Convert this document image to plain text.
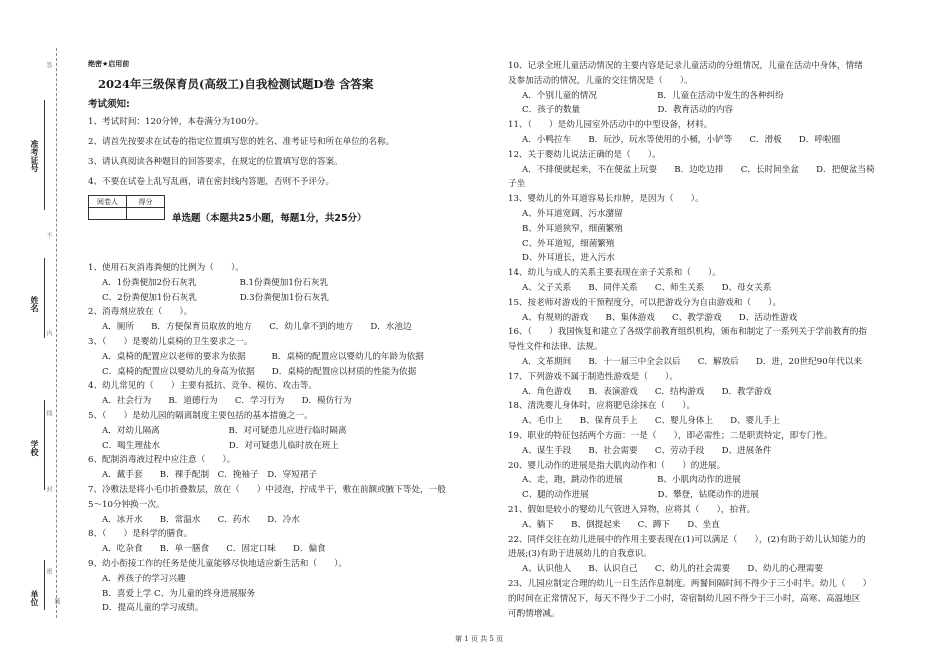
准考证号
姓名
学校
单位
答
不
内
线
封
密
题
绝密★启用前
2024年三级保育员(高级工)自我检测试题D卷 含答案
考试须知:
1、考试时间：120分钟，本卷满分为100分。
2、请首先按要求在试卷的指定位置填写您的姓名、准考证号和所在单位的名称。
3、请认真阅读各种题目的回答要求，在规定的位置填写您的答案。
4、不要在试卷上乱写乱画，请在密封线内答题，否则不予评分。
阅卷人	得分

单选题（本题共25小题，每题1分，共25分）
1、使用石灰消毒粪便的比例为（　　）。
A．1份粪便加2份石灰乳　　　　　B.1份粪便加1份石灰乳
C．2份粪便加1份石灰乳　　　　　D.3份粪便加1份石灰乳
2、消毒剂应放在（　　）。
A．厕所　　B．方便保育员取放的地方　　C．幼儿拿不到的地方　　D．水池边
3、（　　）是婴幼儿桌椅的卫生要求之一。
A．桌椅的配置应以老师的要求为依据　　　B．桌椅的配置应以婴幼儿的年龄为依据
C．桌椅的配置应以婴幼儿的身高为依据　　D．桌椅的配置应以材质的性能为依据
4、幼儿常见的（　　）主要有抵抗、竞争、模仿、攻击等。
A．社会行为　　B．道德行为　　C．学习行为　　D．模仿行为
5、（　　）是幼儿园的隔离制度主要包括的基本措施之一。
A．对幼儿隔离　　　　　　　　B．对可疑患儿应进行临时隔离
C．喝生理盐水　　　　　　　　D．对可疑患儿临时放在班上
6、配制消毒液过程中应注意（　　）。
A．戴手套　　B．裸手配制　C．挽袖子　D．穿短裙子
7、冷敷法是将小毛巾折叠数层，放在（　　）中浸泡，拧成半干，敷在前额或腋下等处，一般
5～10分钟换一次。
A．冰开水　　B．常温水　　C．药水　　D．冷水
8、（　　）是科学的膳食。
A．吃杂食　　B．单一膳食　　C．固定口味　　D．偏食
9、幼小衔接工作的任务是使儿童能够尽快地适应新生活和（　　）。
A．养孩子的学习兴趣
B．喜爱上学 C、为儿童的终身进展服务
D．提高儿童的学习成绩。
10、记录全班儿童活动情况的主要内容是记录儿童活动的分组情况，儿童在活动中身体，情绪
及参加活动的情况，儿童的交往情况是（　　）。
A．个别儿童的情况　　　　　　　B．儿童在活动中发生的各种纠纷
C．孩子的数量　　　　　　　　　D．教育活动的内容
11、（　　）是幼儿园室外活动中的中型设备，材料。
A．小鸭拉车　　B．玩沙，玩水等使用的小桶，小铲等　　C．滑板　　D．呼啦圈
12、关于婴幼儿说法正确的是（　　）。
A．不排便就起来，不在便盆上玩耍　　B．边吃边排　　C．长时间坐盆　　D．把便盆当椅
子坐
13、婴幼儿的外耳道容易长疖肿，是因为（　　）。
A、外耳道宽阔，污水潴留
B、外耳道狭窄，细菌繁殖
C、外耳道短，细菌繁殖
D、外耳道长，进入污水
14、幼儿与成人的关系主要表现在亲子关系和（　　）。
A、父子关系　　B、同伴关系　　C、师生关系　　D、母女关系
15、按老师对游戏的干预程度分，可以把游戏分为自由游戏和（　　）。
A、有规则的游戏　　B、集体游戏　　C、教学游戏　　D、活动性游戏
16、（　　）我国恢复和建立了各级学前教育组织机构，颁布和制定了一系列关于学前教育的指
导性文件和法律、法规。
A．文革期间　　B．十一届三中全会以后　　C．解放后　　D．进，20世纪90年代以来
17、下列游戏不属于制造性游戏是（　　）。
A．角色游戏　　B．表演游戏　　C．结构游戏　　D．教学游戏
18、清洗婴儿身体时，应将肥皂涂抹在（　　）。
A、毛巾上　　B、保育员手上　　C、婴儿身体上　　D、婴儿手上
19、职业的特征包括两个方面：一是（　　），即必需性；二是职责特定，即专门性。
A、谋生手段　　B、社会需要　　C、劳动手段　　D、进展条件
20、婴儿动作的进展是指大肌肉动作和（　　）的进展。
A、走，跑，跳动作的进展　　　　B、小肌肉动作的进展
C、腿的动作进展　　　　　　　　D、攀登，钻爬动作的进展
21、假如是较小的婴幼儿气管进入异物，应将其（　　），拍背。
A、躺下　　B、倒提起来　　C、蹲下　　D、坐直
22、同伴交往在幼儿进展中的作用主要表现在(1)可以满足（　　），(2)有助于幼儿认知能力的
进展;(3)有助于进展幼儿的自我意识。
A、认识他人　　B、认识自己　　C、幼儿的社会需要　　D、幼儿的心理需要
23、儿园应制定合理的幼儿一日生活作息制度。两餐间隔时间不得少于三小时半。幼儿（　　）
的时间在正常情况下，每天不得少于二小时，寄宿制幼儿园不得少于三小时，高寒、高温地区
可酌情增减。
第 1 页 共 5 页
